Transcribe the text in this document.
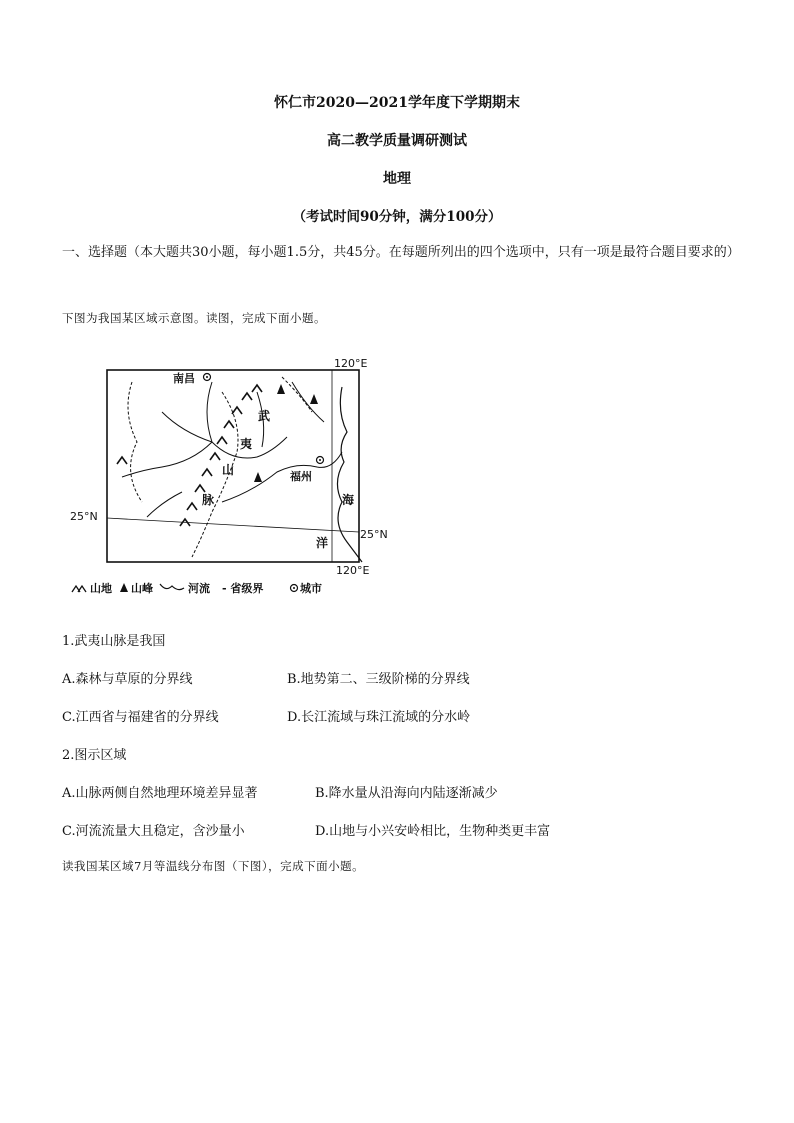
怀仁市2020—2021学年度下学期期末
高二教学质量调研测试
地理
（考试时间90分钟，满分100分）
一、选择题（本大题共30小题，每小题1.5分，共45分。在每题所列出的四个选项中，只有一项是最符合题目要求的）
下图为我国某区域示意图。读图，完成下面小题。
120°E
120°E
25°N
25°N
南昌
福州
武
夷
山
脉	海
洋
山地 山峰	河流 - 省级界	城市
1.武夷山脉是我国
A.森林与草原的分界线	B.地势第二、三级阶梯的分界线
C.江西省与福建省的分界线	D.长江流域与珠江流域的分水岭
2.图示区域
A.山脉两侧自然地理环境差异显著	B.降水量从沿海向内陆逐渐减少
C.河流流量大且稳定，含沙量小	D.山地与小兴安岭相比，生物种类更丰富
读我国某区域7月等温线分布图（下图），完成下面小题。
